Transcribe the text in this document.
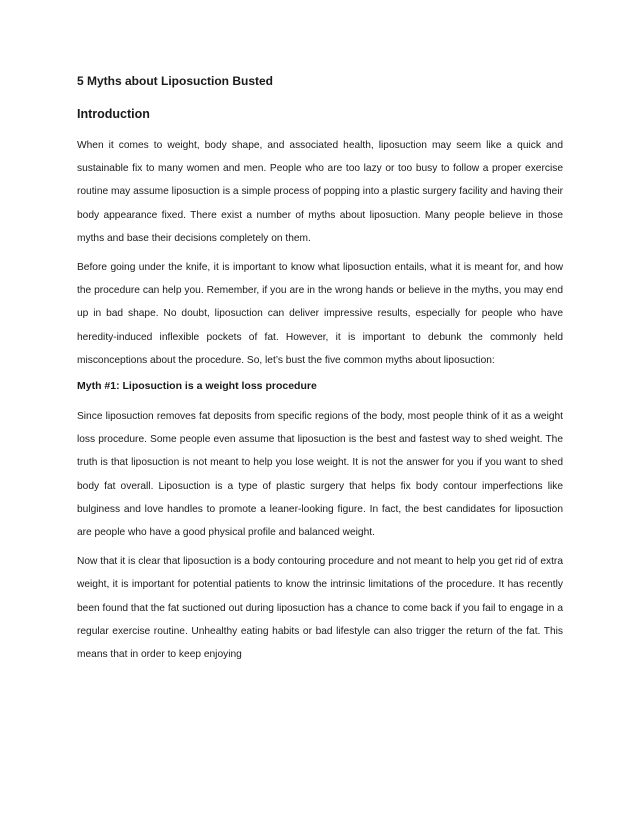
5 Myths about Liposuction Busted
Introduction

When it comes to weight, body shape, and associated health, liposuction may seem like a quick and sustainable fix to many women and men. People who are too lazy or too busy to follow a proper exercise routine may assume liposuction is a simple process of popping into a plastic surgery facility and having their body appearance fixed. There exist a number of myths about liposuction. Many people believe in those myths and base their decisions completely on them.

Before going under the knife, it is important to know what liposuction entails, what it is meant for, and how the procedure can help you. Remember, if you are in the wrong hands or believe in the myths, you may end up in bad shape. No doubt, liposuction can deliver impressive results, especially for people who have heredity-induced inflexible pockets of fat. However, it is important to debunk the commonly held misconceptions about the procedure. So, let’s bust the five common myths about liposuction:

Myth #1: Liposuction is a weight loss procedure

Since liposuction removes fat deposits from specific regions of the body, most people think of it as a weight loss procedure. Some people even assume that liposuction is the best and fastest way to shed weight. The truth is that liposuction is not meant to help you lose weight. It is not the answer for you if you want to shed body fat overall. Liposuction is a type of plastic surgery that helps fix body contour imperfections like bulginess and love handles to promote a leaner-looking figure. In fact, the best candidates for liposuction are people who have a good physical profile and balanced weight.

Now that it is clear that liposuction is a body contouring procedure and not meant to help you get rid of extra weight, it is important for potential patients to know the intrinsic limitations of the procedure. It has recently been found that the fat suctioned out during liposuction has a chance to come back if you fail to engage in a regular exercise routine. Unhealthy eating habits or bad lifestyle can also trigger the return of the fat. This means that in order to keep enjoying
